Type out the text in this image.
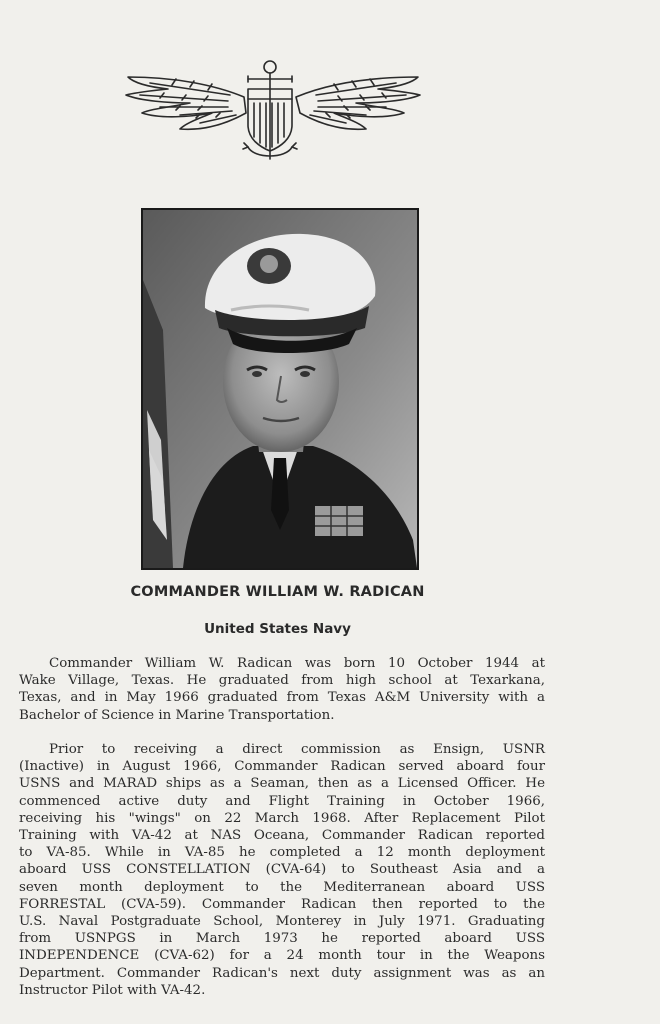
COMMANDER WILLIAM W. RADICAN
United States Navy
Commander William W. Radican was born 10 October 1944 at
Wake Village, Texas. He graduated from high school at Texarkana,
Texas, and in May 1966 graduated from Texas A&M University with a
Bachelor of Science in Marine Transportation.
Prior to receiving a direct commission as Ensign, USNR
(Inactive) in August 1966, Commander Radican served aboard four
USNS and MARAD ships as a Seaman, then as a Licensed Officer. He
commenced active duty and Flight Training in October 1966,
receiving his "wings" on 22 March 1968. After Replacement Pilot
Training with VA-42 at NAS Oceana, Commander Radican reported
to VA-85. While in VA-85 he completed a 12 month deployment
aboard USS CONSTELLATION (CVA-64) to Southeast Asia and a
seven month deployment to the Mediterranean aboard USS
FORRESTAL (CVA-59). Commander Radican then reported to the
U.S. Naval Postgraduate School, Monterey in July 1971. Graduating
from USNPGS in March 1973 he reported aboard USS
INDEPENDENCE (CVA-62) for a 24 month tour in the Weapons
Department. Commander Radican's next duty assignment was as an
Instructor Pilot with VA-42.
